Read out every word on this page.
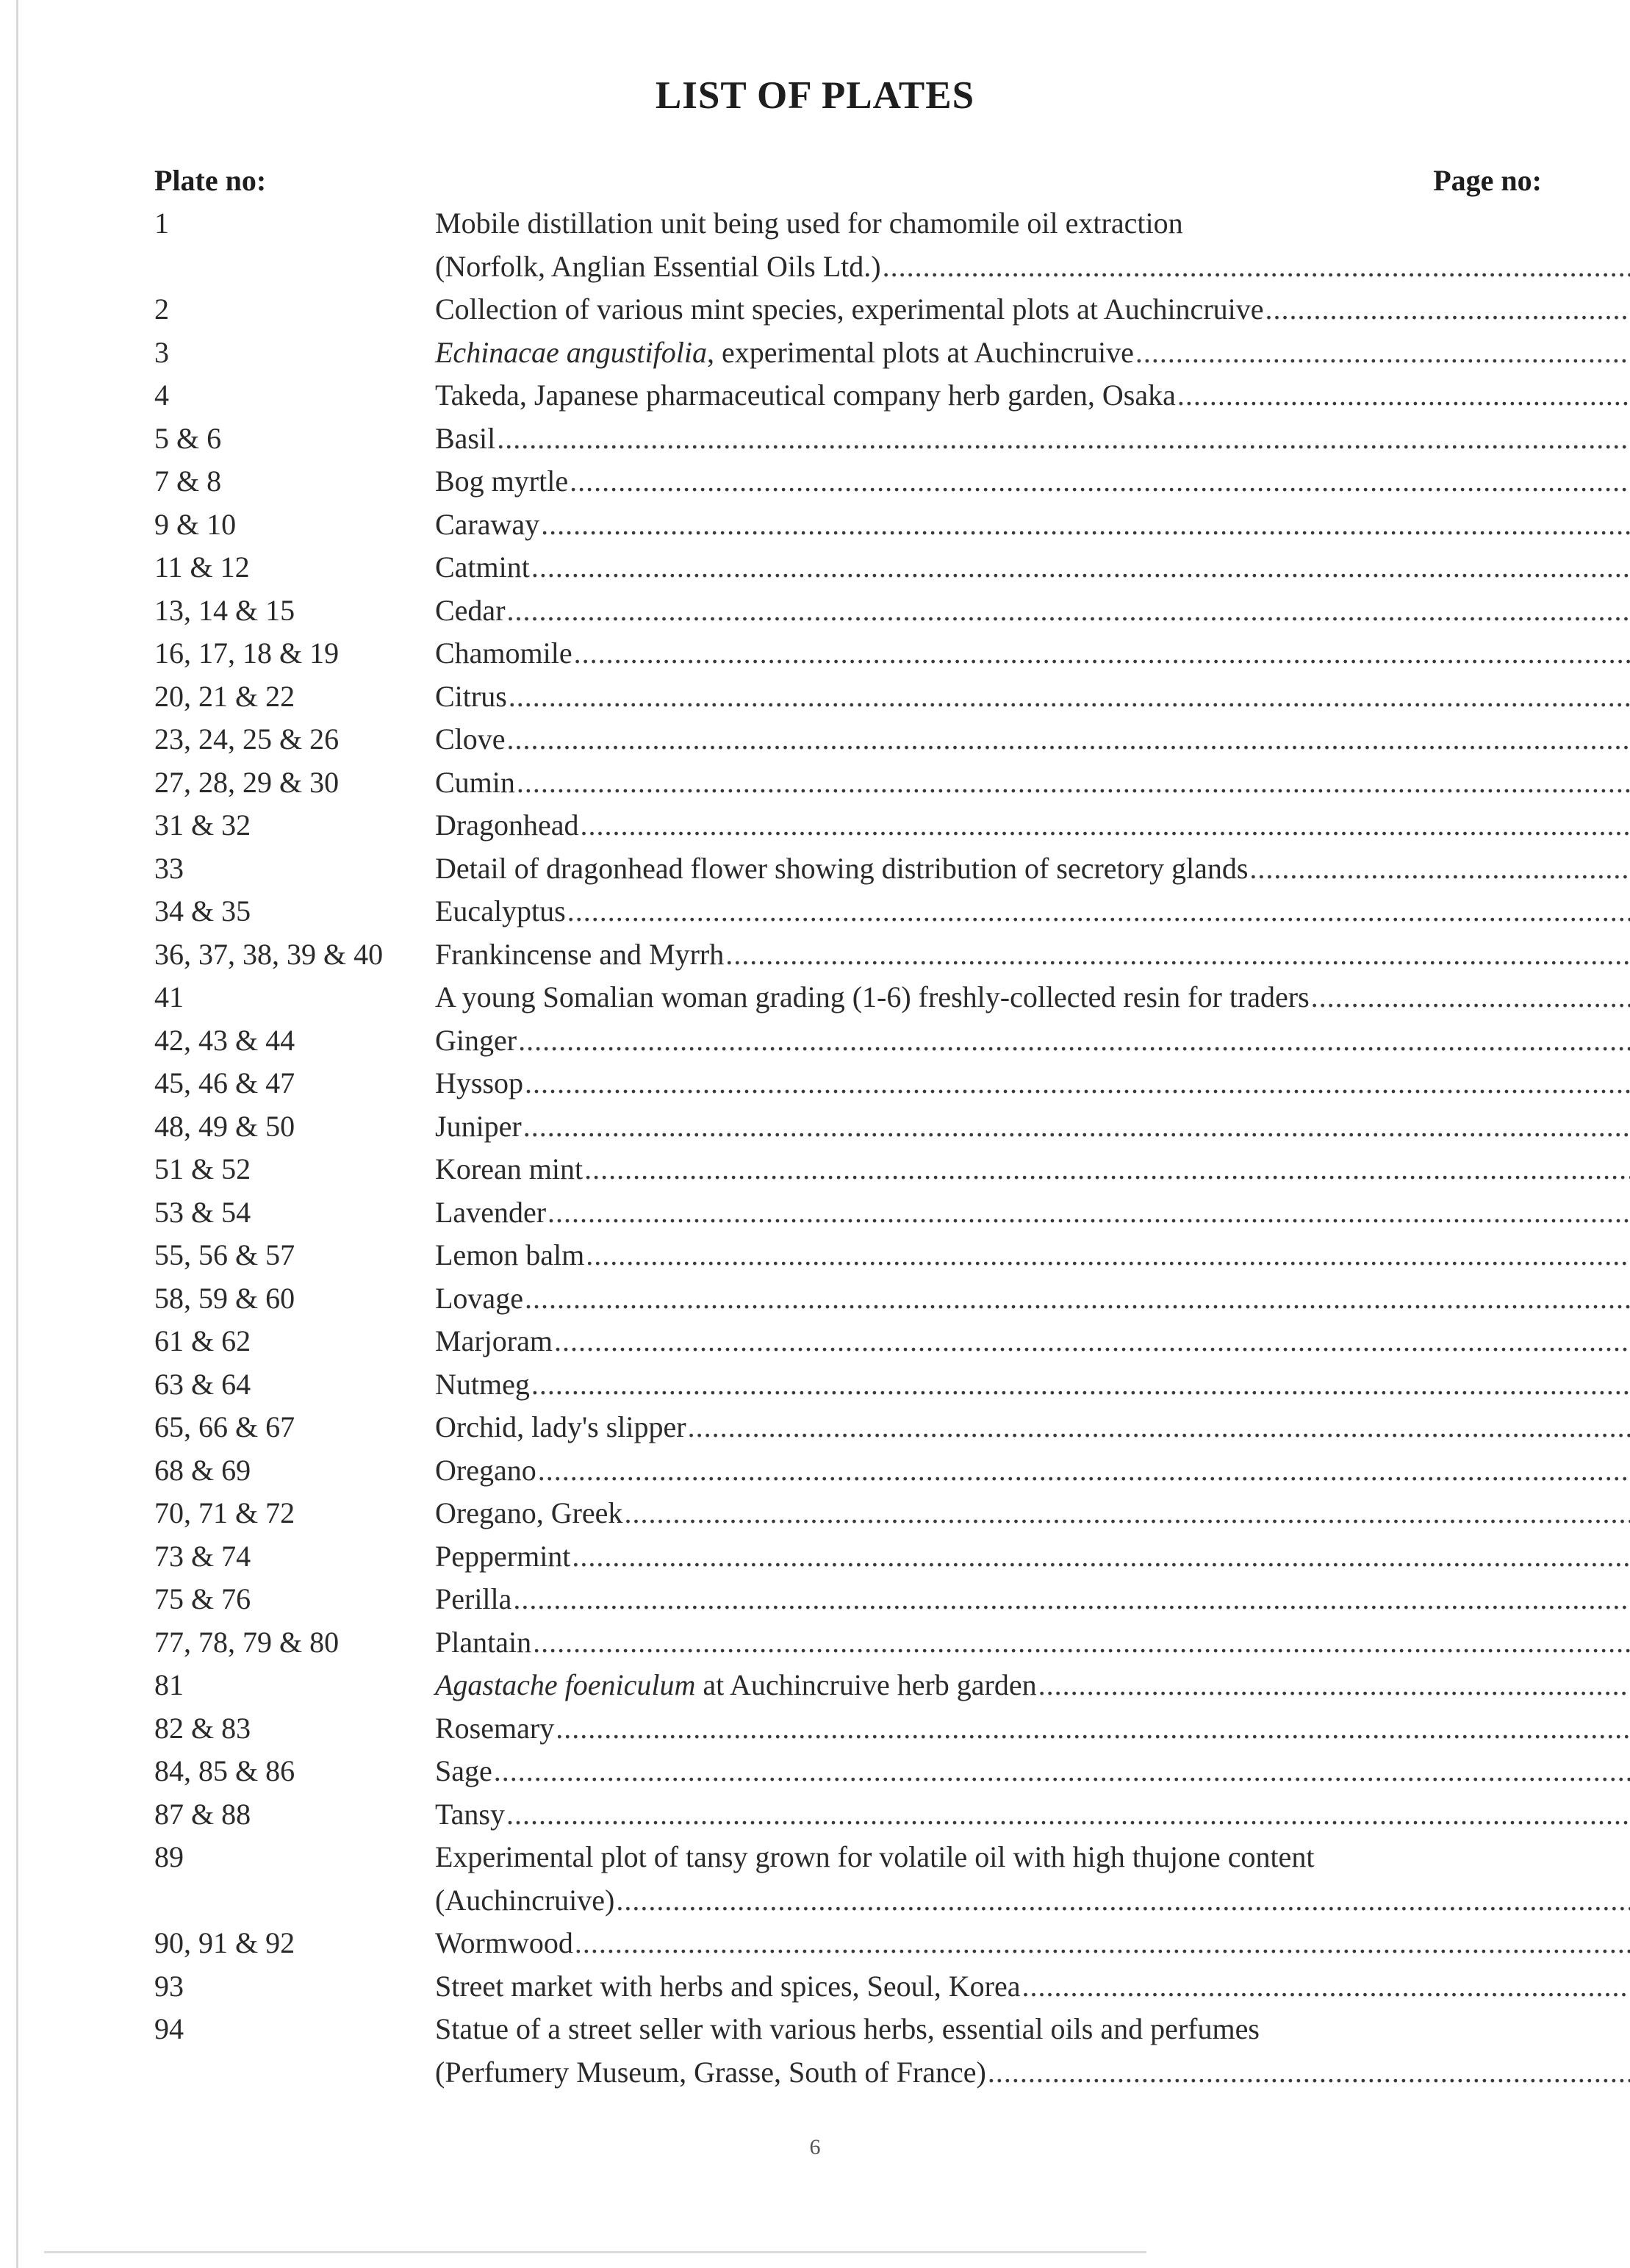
LIST OF PLATES
Plate no:	Page no:
1	Mobile distillation unit being used for chamomile oil extraction
(Norfolk, Anglian Essential Oils Ltd.)
.....
2	Collection of various mint species, experimental plots at Auchincruive
.....
3	Echinacae angustifolia, experimental plots at Auchincruive
.....
4	Takeda, Japanese pharmaceutical company herb garden, Osaka
.....
5 & 6	Basil
.....
7 & 8	Bog myrtle
.....
9 & 10	Caraway
.....
11 & 12	Catmint
.....
13, 14 & 15	Cedar
.....
16, 17, 18 & 19	Chamomile
.....
20, 21 & 22	Citrus
.....
23, 24, 25 & 26	Clove
.....
27, 28, 29 & 30	Cumin
.....
31 & 32	Dragonhead
.....
33	Detail of dragonhead flower showing distribution of secretory glands
.....
34 & 35	Eucalyptus
.....
36, 37, 38, 39 & 40	Frankincense and Myrrh
.....
41	A young Somalian woman grading (1-6) freshly-collected resin for traders
.....
42, 43 & 44	Ginger
.....
45, 46 & 47	Hyssop
.....
48, 49 & 50	Juniper
.....
51 & 52	Korean mint
.....
53 & 54	Lavender
.....
55, 56 & 57	Lemon balm
.....
58, 59 & 60	Lovage
.....
61 & 62	Marjoram
.....
63 & 64	Nutmeg
.....
65, 66 & 67	Orchid, lady's slipper
.....
68 & 69	Oregano
.....
70, 71 & 72	Oregano, Greek
.....
73 & 74	Peppermint
.....
75 & 76	Perilla
.....
77, 78, 79 & 80	Plantain
.....
81	Agastache foeniculum at Auchincruive herb garden
.....
82 & 83	Rosemary
.....
84, 85 & 86	Sage
.....
87 & 88	Tansy
.....
89	Experimental plot of tansy grown for volatile oil with high thujone content
(Auchincruive)
.....
90, 91 & 92	Wormwood
.....
93	Street market with herbs and spices, Seoul, Korea
.....
94	Statue of a street seller with various herbs, essential oils and perfumes
(Perfumery Museum, Grasse, South of France)
.....
6
